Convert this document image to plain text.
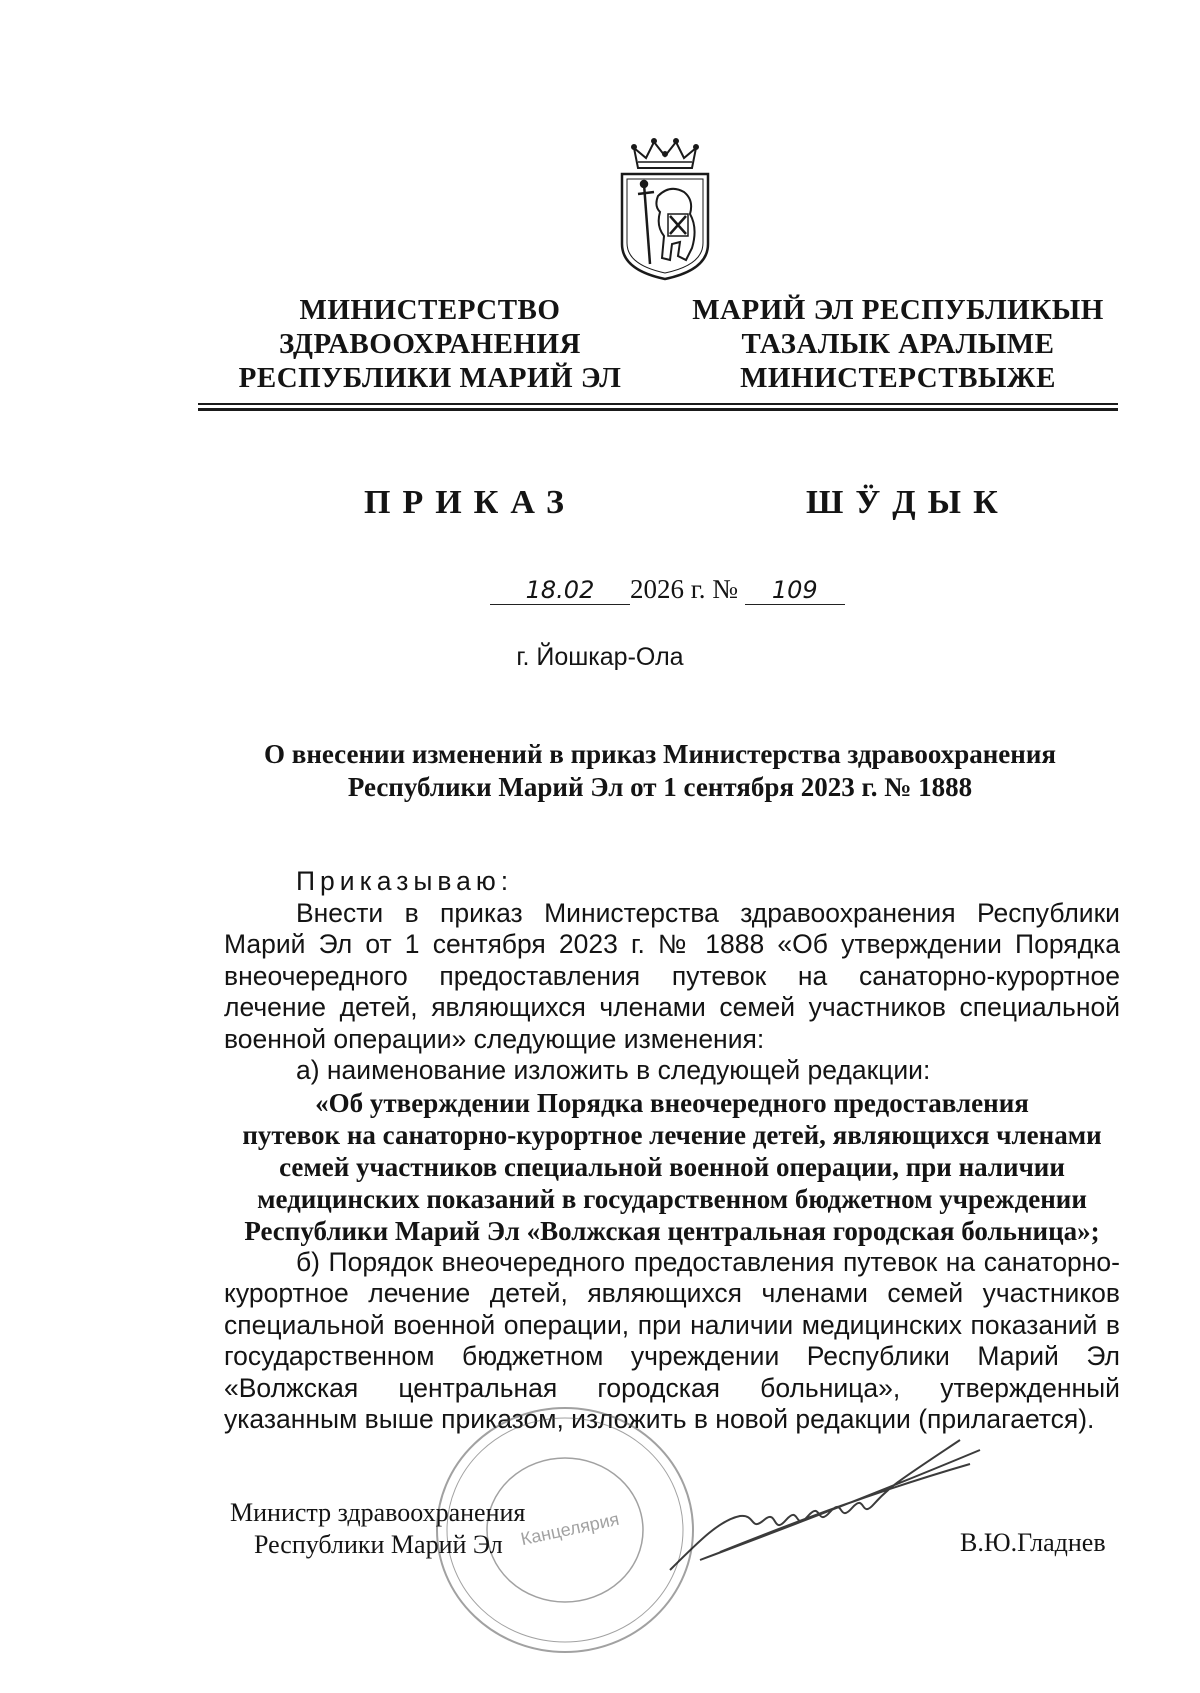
МИНИСТЕРСТВО
ЗДРАВООХРАНЕНИЯ
РЕСПУБЛИКИ МАРИЙ ЭЛ
МАРИЙ ЭЛ РЕСПУБЛИКЫН
ТАЗАЛЫК АРАЛЫМЕ
МИНИСТЕРСТВЫЖЕ
ПРИКАЗ	ШӰДЫК
18.02 2026 г. № 109
г. Йошкар-Ола
О внесении изменений в приказ Министерства здравоохранения
Республики Марий Эл от 1 сентября 2023 г. № 1888

Приказываю:

Внести в приказ Министерства здравоохранения Республики Марий Эл от 1 сентября 2023 г. № 1888 «Об утверждении Порядка внеочередного предоставления путевок на санаторно-курортное лечение детей, являющихся членами семей участников специальной военной операции» следующие изменения:

а) наименование изложить в следующей редакции:

«Об утверждении Порядка внеочередного предоставления
путевок на санаторно-курортное лечение детей, являющихся членами
семей участников специальной военной операции, при наличии
медицинских показаний в государственном бюджетном учреждении
Республики Марий Эл «Волжская центральная городская больница»;

б) Порядок внеочередного предоставления путевок на санаторно-курортное лечение детей, являющихся членами семей участников специальной военной операции, при наличии медицинских показаний в государственном бюджетном учреждении Республики Марий Эл «Волжская центральная городская больница», утвержденный указанным выше приказом, изложить в новой редакции (прилагается).

Канцелярия
Министр здравоохранения
Республики Марий Эл	В.Ю.Гладнев
